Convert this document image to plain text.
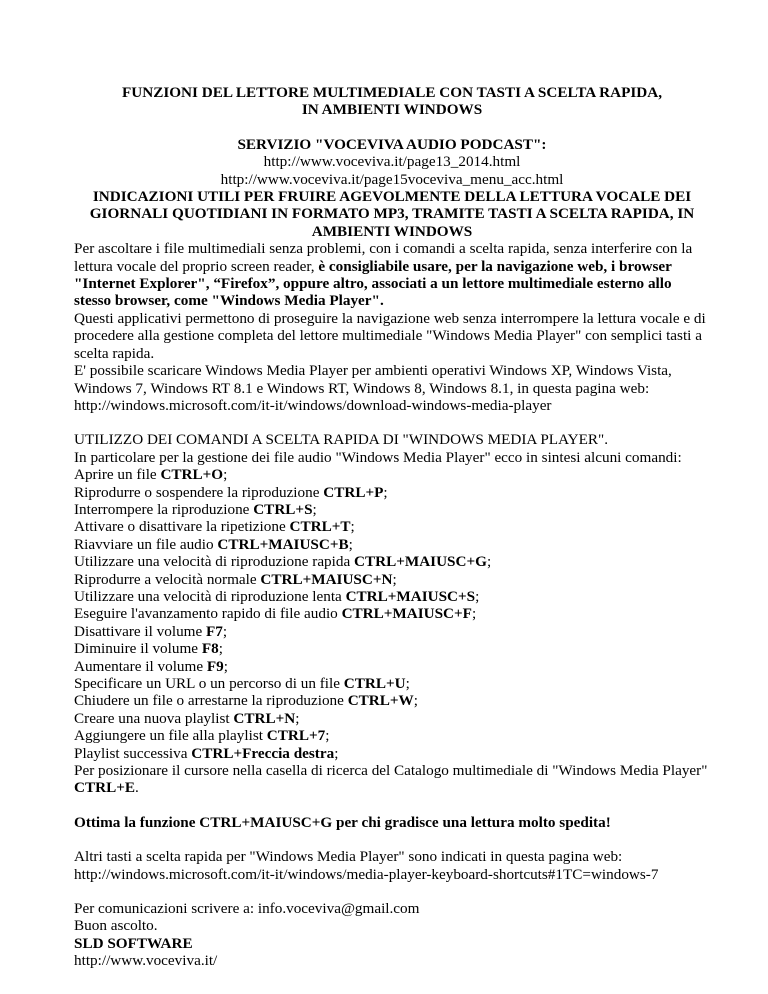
FUNZIONI DEL LETTORE MULTIMEDIALE CON TASTI A SCELTA RAPIDA,
IN AMBIENTI WINDOWS

SERVIZIO "VOCEVIVA AUDIO PODCAST":

http://www.voceviva.it/page13_2014.html

http://www.voceviva.it/page15voceviva_menu_acc.html

INDICAZIONI UTILI PER FRUIRE AGEVOLMENTE DELLA LETTURA VOCALE DEI GIORNALI QUOTIDIANI IN FORMATO MP3, TRAMITE TASTI A SCELTA RAPIDA, IN AMBIENTI WINDOWS

Per ascoltare i file multimediali senza problemi, con i comandi a scelta rapida, senza interferire con la lettura vocale del proprio screen reader, è consigliabile usare, per la navigazione web, i browser "Internet Explorer", “Firefox”, oppure altro, associati a un lettore multimediale esterno allo stesso browser, come "Windows Media Player".

Questi applicativi permettono di proseguire la navigazione web senza interrompere la lettura vocale e di procedere alla gestione completa del lettore multimediale "Windows Media Player" con semplici tasti a scelta rapida.

E' possibile scaricare Windows Media Player per ambienti operativi Windows XP, Windows Vista, Windows 7, Windows RT 8.1 e Windows RT, Windows 8, Windows 8.1, in questa pagina web:

http://windows.microsoft.com/it-it/windows/download-windows-media-player

UTILIZZO DEI COMANDI A SCELTA RAPIDA DI "WINDOWS MEDIA PLAYER".

In particolare per la gestione dei file audio "Windows Media Player" ecco in sintesi alcuni comandi:

Aprire un file CTRL+O;

Riprodurre o sospendere la riproduzione CTRL+P;

Interrompere la riproduzione CTRL+S;

Attivare o disattivare la ripetizione CTRL+T;

Riavviare un file audio CTRL+MAIUSC+B;

Utilizzare una velocità di riproduzione rapida CTRL+MAIUSC+G;

Riprodurre a velocità normale CTRL+MAIUSC+N;

Utilizzare una velocità di riproduzione lenta CTRL+MAIUSC+S;

Eseguire l'avanzamento rapido di file audio CTRL+MAIUSC+F;

Disattivare il volume F7;

Diminuire il volume F8;

Aumentare il volume F9;

Specificare un URL o un percorso di un file CTRL+U;

Chiudere un file o arrestarne la riproduzione CTRL+W;

Creare una nuova playlist CTRL+N;

Aggiungere un file alla playlist CTRL+7;

Playlist successiva CTRL+Freccia destra;

Per posizionare il cursore nella casella di ricerca del Catalogo multimediale di "Windows Media Player" CTRL+E.

Ottima la funzione CTRL+MAIUSC+G per chi gradisce una lettura molto spedita!

Altri tasti a scelta rapida per "Windows Media Player" sono indicati in questa pagina web:

http://windows.microsoft.com/it-it/windows/media-player-keyboard-shortcuts#1TC=windows-7

Per comunicazioni scrivere a: info.voceviva@gmail.com

Buon ascolto.

SLD SOFTWARE

http://www.voceviva.it/
